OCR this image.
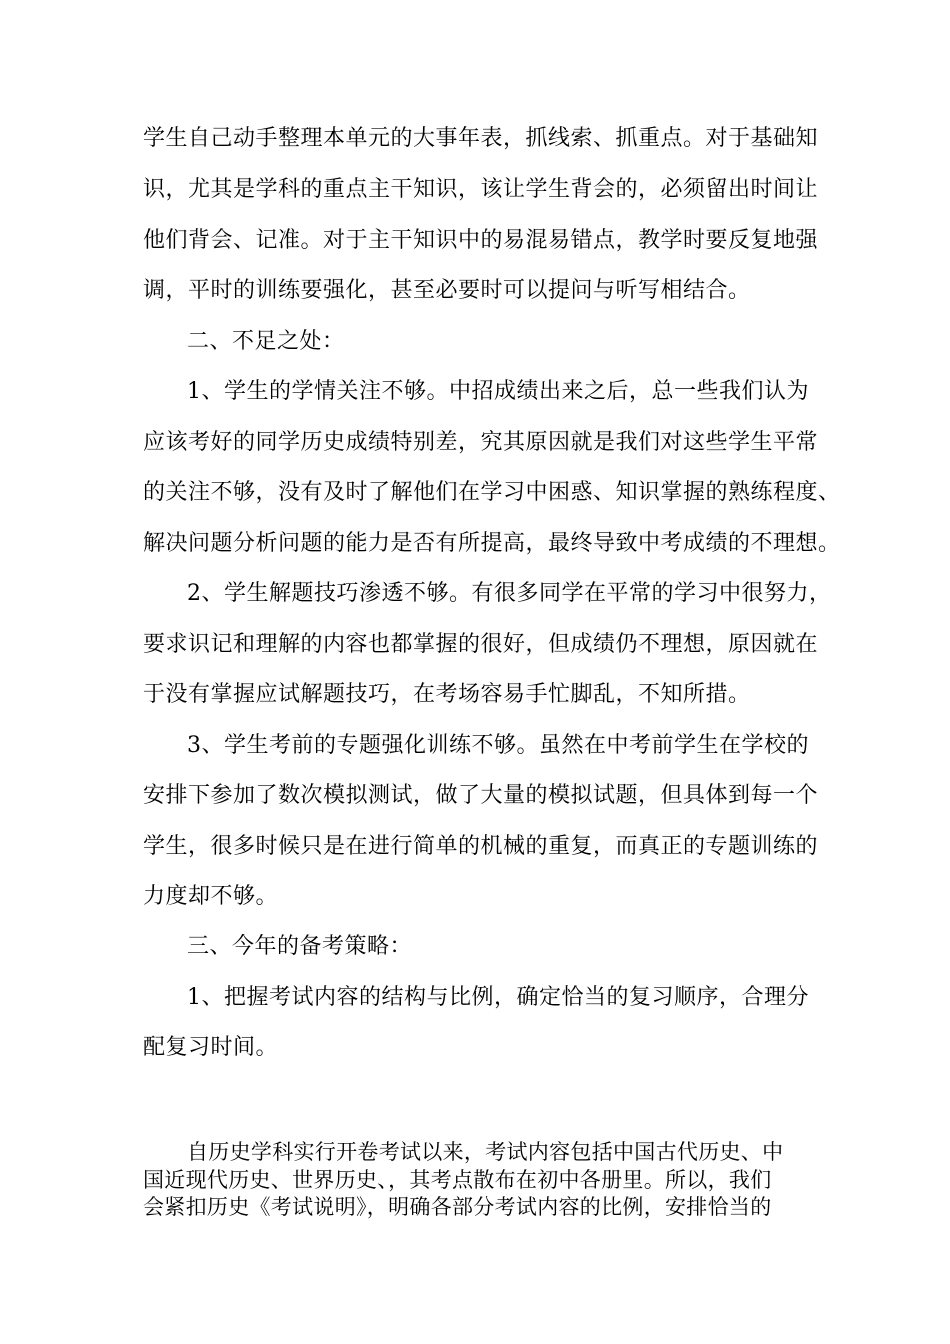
学生自己动手整理本单元的大事年表，抓线索、抓重点。对于基础知

识，尤其是学科的重点主干知识，该让学生背会的，必须留出时间让

他们背会、记准。对于主干知识中的易混易错点，教学时要反复地强

调，平时的训练要强化，甚至必要时可以提问与听写相结合。

二、不足之处：

1、学生的学情关注不够。中招成绩出来之后，总一些我们认为

应该考好的同学历史成绩特别差，究其原因就是我们对这些学生平常

的关注不够，没有及时了解他们在学习中困惑、知识掌握的熟练程度、

解决问题分析问题的能力是否有所提高，最终导致中考成绩的不理想。

2、学生解题技巧渗透不够。有很多同学在平常的学习中很努力，

要求识记和理解的内容也都掌握的很好，但成绩仍不理想，原因就在

于没有掌握应试解题技巧，在考场容易手忙脚乱，不知所措。

3、学生考前的专题强化训练不够。虽然在中考前学生在学校的

安排下参加了数次模拟测试，做了大量的模拟试题，但具体到每一个

学生，很多时候只是在进行简单的机械的重复，而真正的专题训练的

力度却不够。

三、今年的备考策略：

1、把握考试内容的结构与比例，确定恰当的复习顺序，合理分

配复习时间。

自历史学科实行开卷考试以来，考试内容包括中国古代历史、中

国近现代历史、世界历史、，其考点散布在初中各册里。所以，我们

会紧扣历史《考试说明》，明确各部分考试内容的比例，安排恰当的
